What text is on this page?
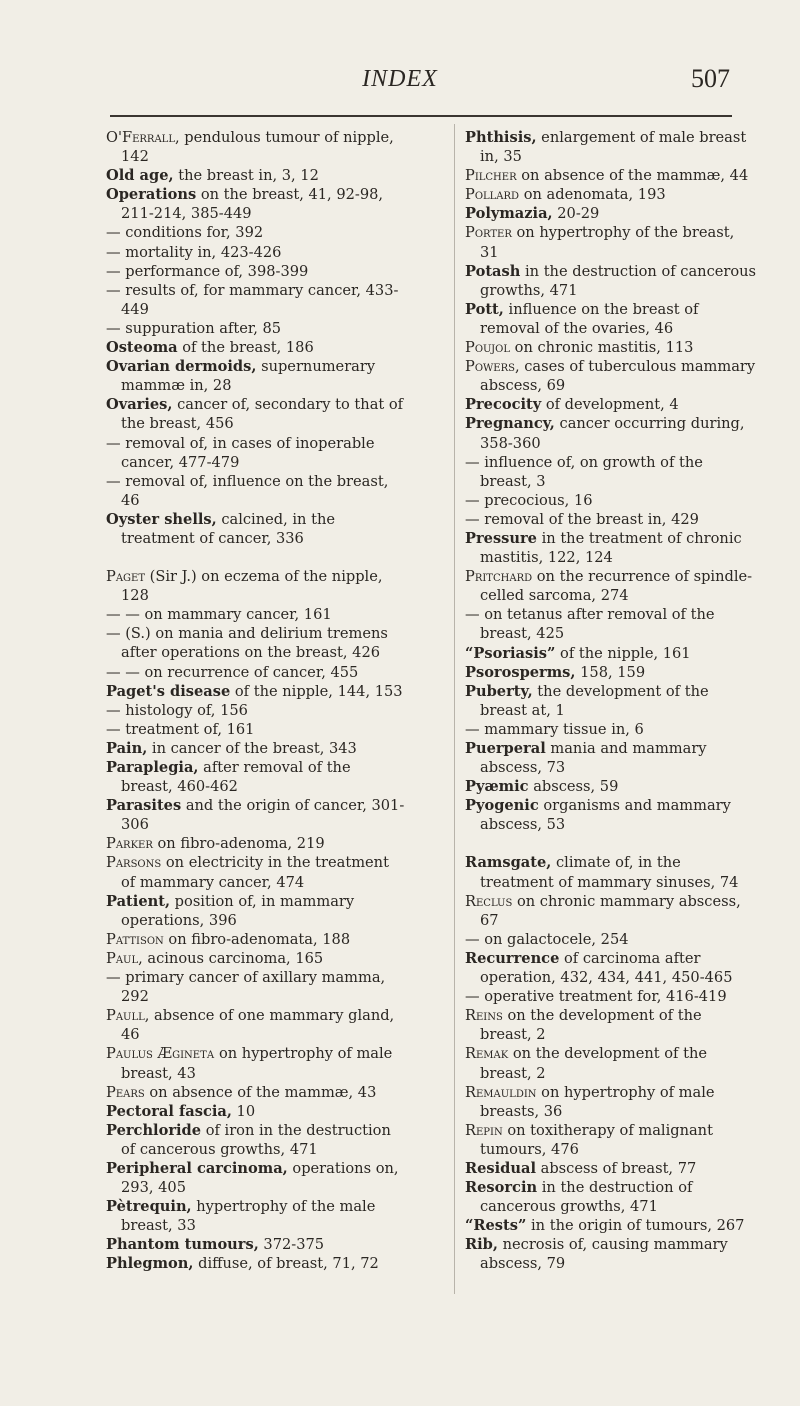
INDEX	507

O'Ferrall, pendulous tumour of nipple, 142

Old age, the breast in, 3, 12

Operations on the breast, 41, 92-98, 211-214, 385-449

— conditions for, 392

— mortality in, 423-426

— performance of, 398-399

— results of, for mammary cancer, 433-449

— suppuration after, 85

Osteoma of the breast, 186

Ovarian dermoids, supernumerary mammæ in, 28

Ovaries, cancer of, secondary to that of the breast, 456

— removal of, in cases of inoperable cancer, 477-479

— removal of, influence on the breast, 46

Oyster shells, calcined, in the treatment of cancer, 336

Paget (Sir J.) on eczema of the nipple, 128

— — on mammary cancer, 161

— (S.) on mania and delirium tremens after operations on the breast, 426

— — on recurrence of cancer, 455

Paget's disease of the nipple, 144, 153

— histology of, 156

— treatment of, 161

Pain, in cancer of the breast, 343

Paraplegia, after removal of the breast, 460-462

Parasites and the origin of cancer, 301-306

Parker on fibro-adenoma, 219

Parsons on electricity in the treatment of mammary cancer, 474

Patient, position of, in mammary operations, 396

Pattison on fibro-adenomata, 188

Paul, acinous carcinoma, 165

— primary cancer of axillary mamma, 292

Paull, absence of one mammary gland, 46

Paulus Æginета on hypertrophy of male breast, 43

Pears on absence of the mammæ, 43

Pectoral fascia, 10

Perchloride of iron in the destruction of cancerous growths, 471

Peripheral carcinoma, operations on, 293, 405

Pètrequin, hypertrophy of the male breast, 33

Phantom tumours, 372-375

Phlegmon, diffuse, of breast, 71, 72

Phthisis, enlargement of male breast in, 35

Pilcher on absence of the mammæ, 44

Pollard on adenomata, 193

Polymazia, 20-29

Porter on hypertrophy of the breast, 31

Potash in the destruction of cancerous growths, 471

Pott, influence on the breast of removal of the ovaries, 46

Poujol on chronic mastitis, 113

Powers, cases of tuberculous mammary abscess, 69

Precocity of development, 4

Pregnancy, cancer occurring during, 358-360

— influence of, on growth of the breast, 3

— precocious, 16

— removal of the breast in, 429

Pressure in the treatment of chronic mastitis, 122, 124

Pritchard on the recurrence of spindle-celled sarcoma, 274

— on tetanus after removal of the breast, 425

“Psoriasis” of the nipple, 161

Psorosperms, 158, 159

Puberty, the development of the breast at, 1

— mammary tissue in, 6

Puerperal mania and mammary abscess, 73

Pyæmic abscess, 59

Pyogenic organisms and mammary abscess, 53

Ramsgate, climate of, in the treatment of mammary sinuses, 74

Reclus on chronic mammary abscess, 67

— on galactocele, 254

Recurrence of carcinoma after operation, 432, 434, 441, 450-465

— operative treatment for, 416-419

Reins on the development of the breast, 2

Remak on the development of the breast, 2

Remauldin on hypertrophy of male breasts, 36

Repin on toxitherapy of malignant tumours, 476

Residual abscess of breast, 77

Resorcin in the destruction of cancerous growths, 471

“Rests” in the origin of tumours, 267

Rib, necrosis of, causing mammary abscess, 79
